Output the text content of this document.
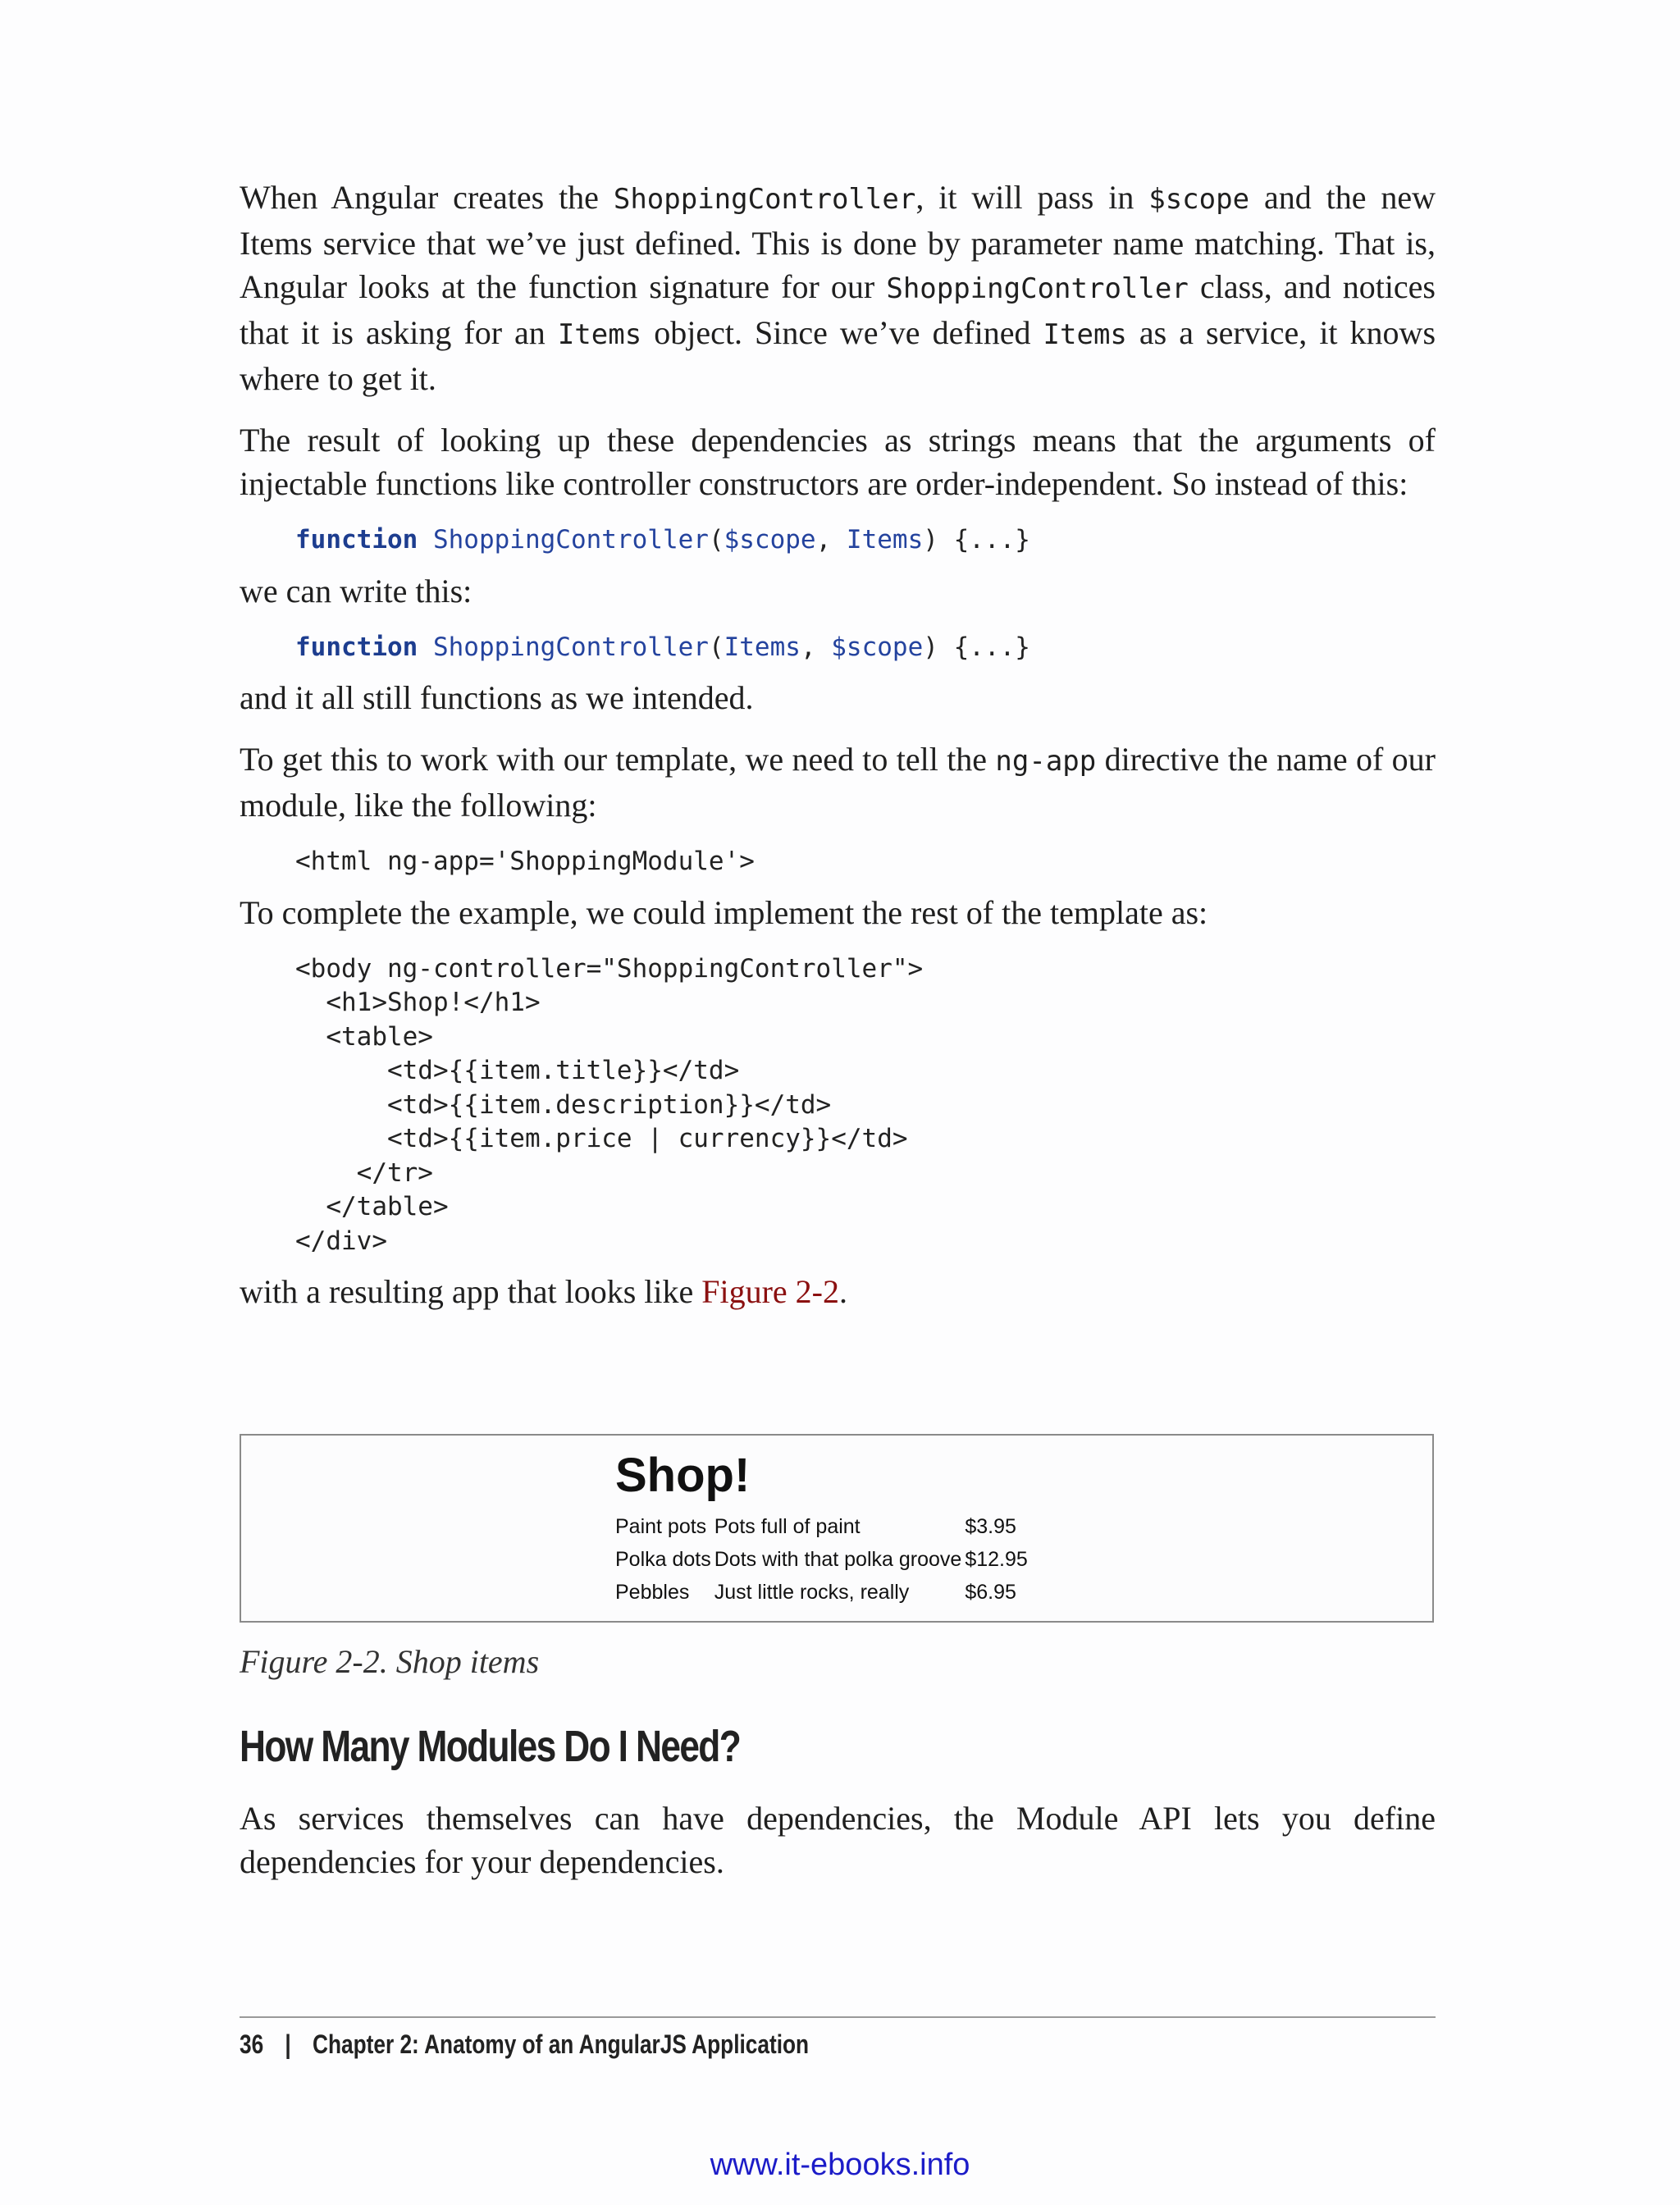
When Angular creates the ShoppingController, it will pass in $scope and the new Items service that we’ve just defined. This is done by parameter name matching. That is, Angular looks at the function signature for our ShoppingController class, and notices that it is asking for an Items object. Since we’ve defined Items as a service, it knows where to get it.

The result of looking up these dependencies as strings means that the arguments of injectable functions like controller constructors are order-independent. So instead of this:

function ShoppingController($scope, Items) {...}

we can write this:

function ShoppingController(Items, $scope) {...}

and it all still functions as we intended.

To get this to work with our template, we need to tell the ng-app directive the name of our module, like the following:

<html ng-app='ShoppingModule'>

To complete the example, we could implement the rest of the template as:

<body ng-controller="ShoppingController">
<h1>Shop!</h1>
<table>
<td>{{item.title}}</td>
<td>{{item.description}}</td>
<td>{{item.price | currency}}</td>
</tr>
</table>
</div>

with a resulting app that looks like Figure 2-2.

Shop!
Paint pots	Pots full of paint	$3.95
Polka dots	Dots with that polka groove	$12.95
Pebbles	Just little rocks, really	$6.95
Figure 2-2. Shop items
How Many Modules Do I Need?

As services themselves can have dependencies, the Module API lets you define dependencies for your dependencies.

36 | Chapter 2: Anatomy of an AngularJS Application
www.it-ebooks.info
